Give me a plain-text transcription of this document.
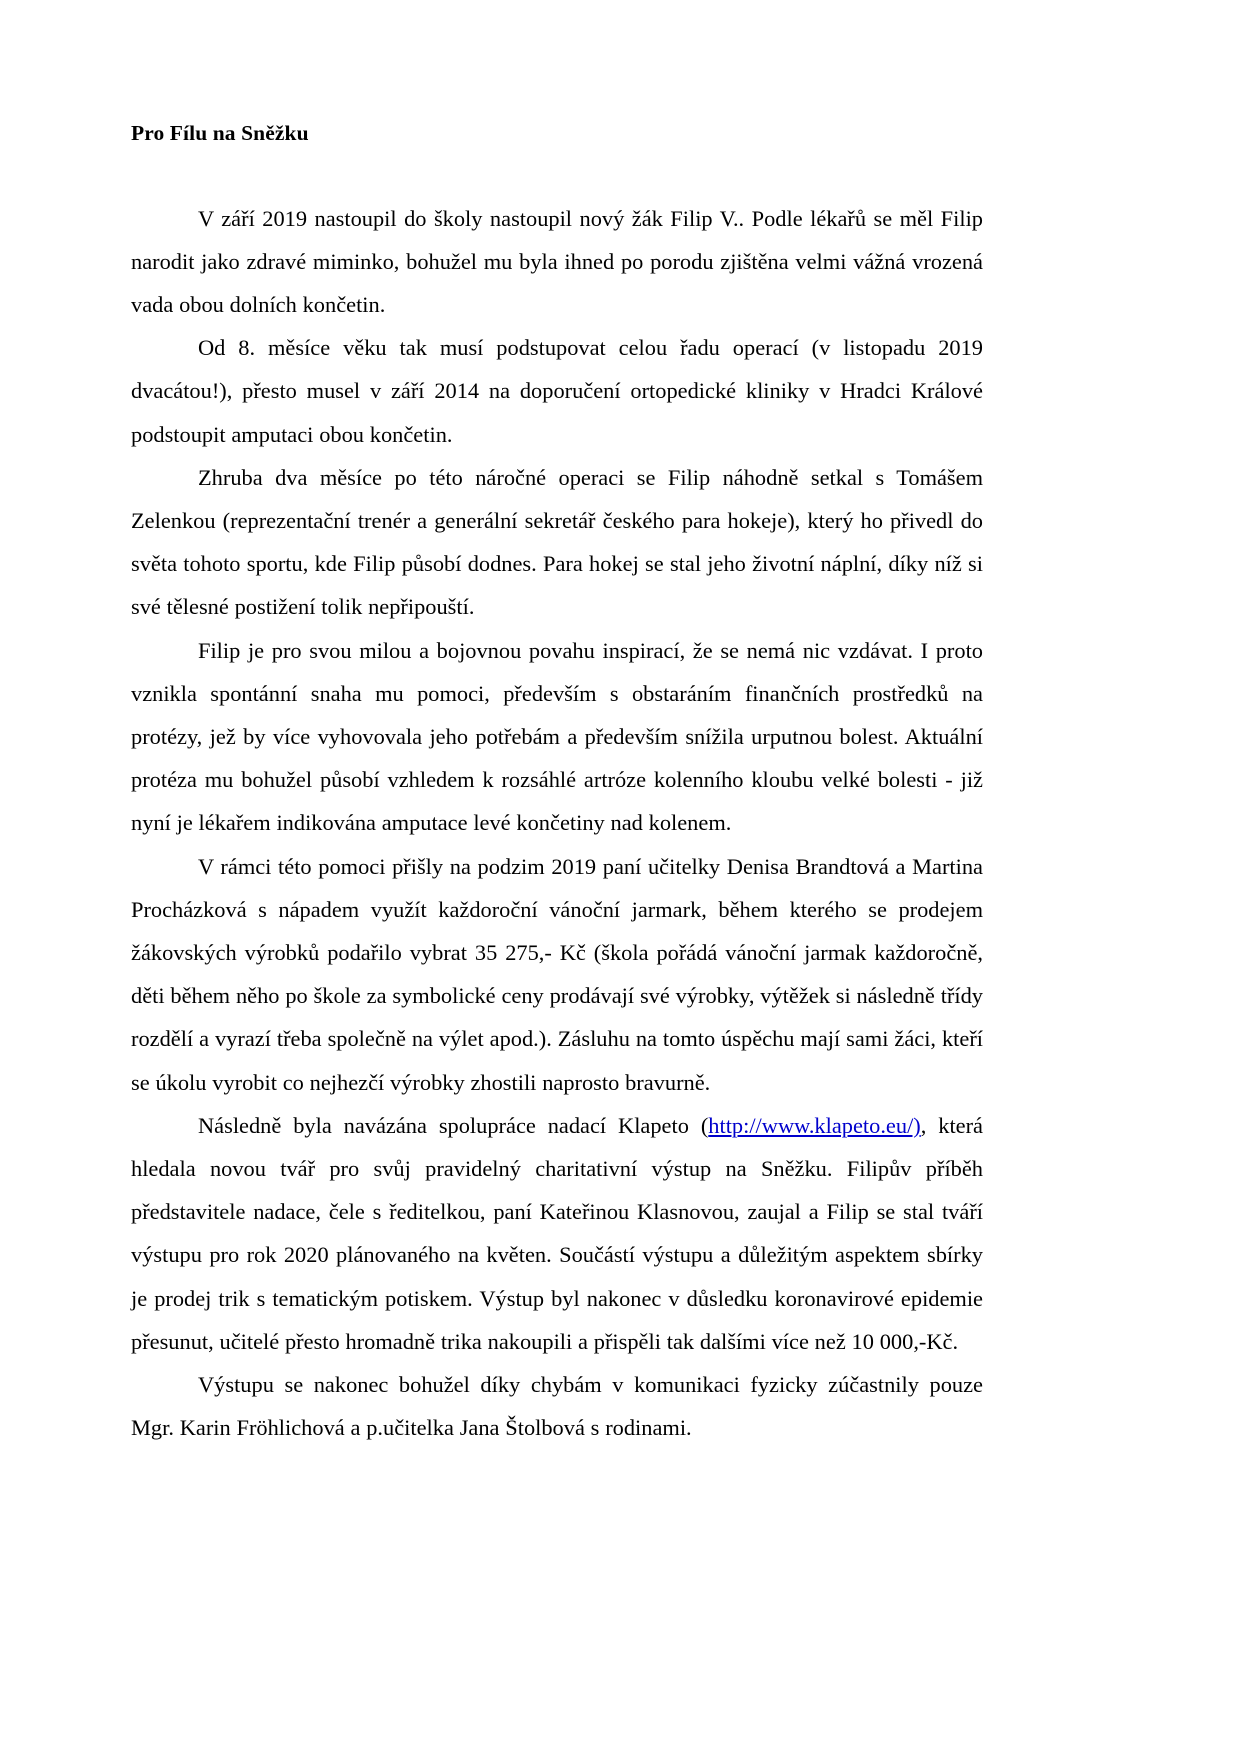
Pro Fílu na Sněžku

V září 2019 nastoupil do školy nastoupil nový žák Filip V.. Podle lékařů se měl Filip narodit jako zdravé miminko, bohužel mu byla ihned po porodu zjištěna velmi vážná vrozená vada obou dolních končetin.

Od 8. měsíce věku tak musí podstupovat celou řadu operací (v listopadu 2019 dvacátou!), přesto musel v září 2014 na doporučení ortopedické kliniky v Hradci Králové podstoupit amputaci obou končetin.

Zhruba dva měsíce po této náročné operaci se Filip náhodně setkal s Tomášem Zelenkou (reprezentační trenér a generální sekretář českého para hokeje), který ho přivedl do světa tohoto sportu, kde Filip působí dodnes. Para hokej se stal jeho životní náplní, díky níž si své tělesné postižení tolik nepřipouští.

Filip je pro svou milou a bojovnou povahu inspirací, že se nemá nic vzdávat. I proto vznikla spontánní snaha mu pomoci, především s obstaráním finančních prostředků na protézy, jež by více vyhovovala jeho potřebám a především snížila urputnou bolest. Aktuální protéza mu bohužel působí vzhledem k rozsáhlé artróze kolenního kloubu velké bolesti - již nyní je lékařem indikována amputace levé končetiny nad kolenem.

V rámci této pomoci přišly na podzim 2019 paní učitelky Denisa Brandtová a Martina Procházková s nápadem využít každoroční vánoční jarmark, během kterého se prodejem žákovských výrobků podařilo vybrat 35 275,- Kč (škola pořádá vánoční jarmak každoročně, děti během něho po škole za symbolické ceny prodávají své výrobky, výtěžek si následně třídy rozdělí a vyrazí třeba společně na výlet apod.). Zásluhu na tomto úspěchu mají sami žáci, kteří se úkolu vyrobit co nejhezčí výrobky zhostili naprosto bravurně.

Následně byla navázána spolupráce nadací Klapeto (http://www.klapeto.eu/), která hledala novou tvář pro svůj pravidelný charitativní výstup na Sněžku. Filipův příběh představitele nadace, čele s ředitelkou, paní Kateřinou Klasnovou, zaujal a Filip se stal tváří výstupu pro rok 2020 plánovaného na květen. Součástí výstupu a důležitým aspektem sbírky je prodej trik s tematickým potiskem. Výstup byl nakonec v důsledku koronavirové epidemie přesunut, učitelé přesto hromadně trika nakoupili a přispěli tak dalšími více než 10 000,-Kč.

Výstupu se nakonec bohužel díky chybám v komunikaci fyzicky zúčastnily pouze Mgr. Karin Fröhlichová a p.učitelka Jana Štolbová s rodinami.
